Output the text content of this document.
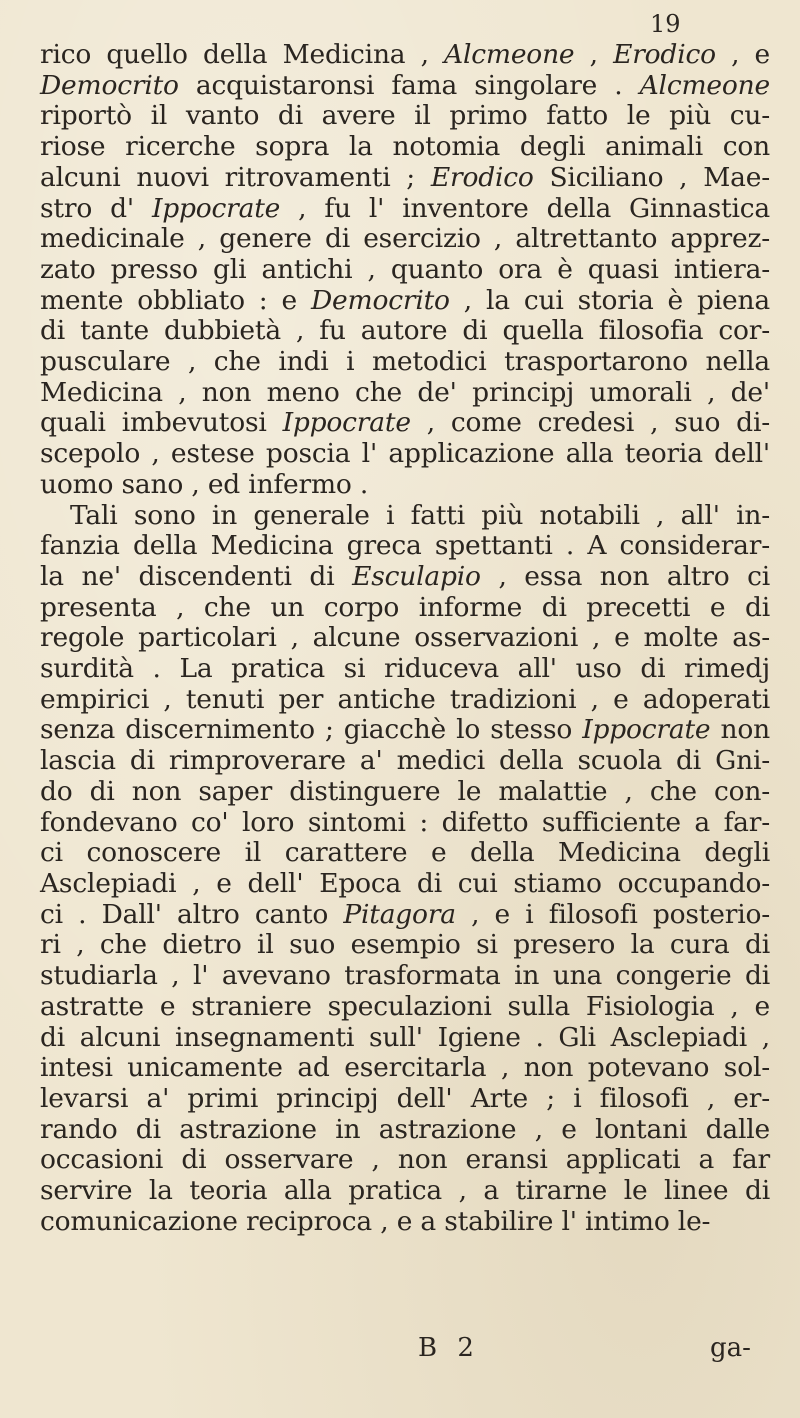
19
rico quello della Medicina , Alcmeone , Erodico , e
Democrito acquistaronsi fama singolare . Alcmeone
riportò il vanto di avere il primo fatto le più cu-
riose ricerche sopra la notomia degli animali con
alcuni nuovi ritrovamenti ; Erodico Siciliano , Mae-
stro d' Ippocrate , fu l' inventore della Ginnastica
medicinale , genere di esercizio , altrettanto apprez-
zato presso gli antichi , quanto ora è quasi intiera-
mente obbliato : e Democrito , la cui storia è piena
di tante dubbietà , fu autore di quella filosofia cor-
pusculare , che indi i metodici trasportarono nella
Medicina , non meno che de' principj umorali , de'
quali imbevutosi Ippocrate , come credesi , suo di-
scepolo , estese poscia l' applicazione alla teoria dell'
uomo sano , ed infermo .
Tali sono in generale i fatti più notabili , all' in-
fanzia della Medicina greca spettanti . A considerar-
la ne' discendenti di Esculapio , essa non altro ci
presenta , che un corpo informe di precetti e di
regole particolari , alcune osservazioni , e molte as-
surdità . La pratica si riduceva all' uso di rimedj
empirici , tenuti per antiche tradizioni , e adoperati
senza discernimento ; giacchè lo stesso Ippocrate non
lascia di rimproverare a' medici della scuola di Gni-
do di non saper distinguere le malattie , che con-
fondevano co' loro sintomi : difetto sufficiente a far-
ci conoscere il carattere e della Medicina degli
Asclepiadi , e dell' Epoca di cui stiamo occupando-
ci . Dall' altro canto Pitagora , e i filosofi posterio-
ri , che dietro il suo esempio si presero la cura di
studiarla , l' avevano trasformata in una congerie di
astratte e straniere speculazioni sulla Fisiologia , e
di alcuni insegnamenti sull' Igiene . Gli Asclepiadi ,
intesi unicamente ad esercitarla , non potevano sol-
levarsi a' primi principj dell' Arte ; i filosofi , er-
rando di astrazione in astrazione , e lontani dalle
occasioni di osservare , non eransi applicati a far
servire la teoria alla pratica , a tirarne le linee di
comunicazione reciproca , e a stabilire l' intimo le-
B 2	ga-
